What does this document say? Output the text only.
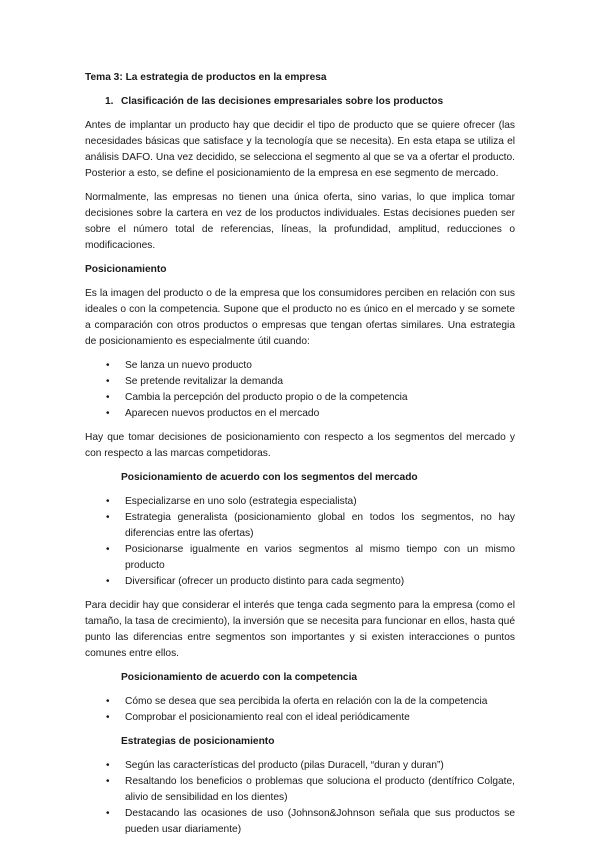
Tema 3: La estrategia de productos en la empresa
1. Clasificación de las decisiones empresariales sobre los productos

Antes de implantar un producto hay que decidir el tipo de producto que se quiere ofrecer (las necesidades básicas que satisface y la tecnología que se necesita). En esta etapa se utiliza el análisis DAFO. Una vez decidido, se selecciona el segmento al que se va a ofertar el producto. Posterior a esto, se define el posicionamiento de la empresa en ese segmento de mercado.

Normalmente, las empresas no tienen una única oferta, sino varias, lo que implica tomar decisiones sobre la cartera en vez de los productos individuales. Estas decisiones pueden ser sobre el número total de referencias, líneas, la profundidad, amplitud, reducciones o modificaciones.

Posicionamiento

Es la imagen del producto o de la empresa que los consumidores perciben en relación con sus ideales o con la competencia. Supone que el producto no es único en el mercado y se somete a comparación con otros productos o empresas que tengan ofertas similares. Una estrategia de posicionamiento es especialmente útil cuando:

• Se lanza un nuevo producto
• Se pretende revitalizar la demanda
• Cambia la percepción del producto propio o de la competencia
• Aparecen nuevos productos en el mercado

Hay que tomar decisiones de posicionamiento con respecto a los segmentos del mercado y con respecto a las marcas competidoras.

Posicionamiento de acuerdo con los segmentos del mercado
• Especializarse en uno solo (estrategia especialista)
• Estrategia generalista (posicionamiento global en todos los segmentos, no hay diferencias entre las ofertas)
• Posicionarse igualmente en varios segmentos al mismo tiempo con un mismo producto
• Diversificar (ofrecer un producto distinto para cada segmento)

Para decidir hay que considerar el interés que tenga cada segmento para la empresa (como el tamaño, la tasa de crecimiento), la inversión que se necesita para funcionar en ellos, hasta qué punto las diferencias entre segmentos son importantes y si existen interacciones o puntos comunes entre ellos.

Posicionamiento de acuerdo con la competencia
• Cómo se desea que sea percibida la oferta en relación con la de la competencia
• Comprobar el posicionamiento real con el ideal periódicamente
Estrategias de posicionamiento
• Según las características del producto (pilas Duracell, “duran y duran”)
• Resaltando los beneficios o problemas que soluciona el producto (dentífrico Colgate, alivio de sensibilidad en los dientes)
• Destacando las ocasiones de uso (Johnson&Johnson señala que sus productos se pueden usar diariamente)
